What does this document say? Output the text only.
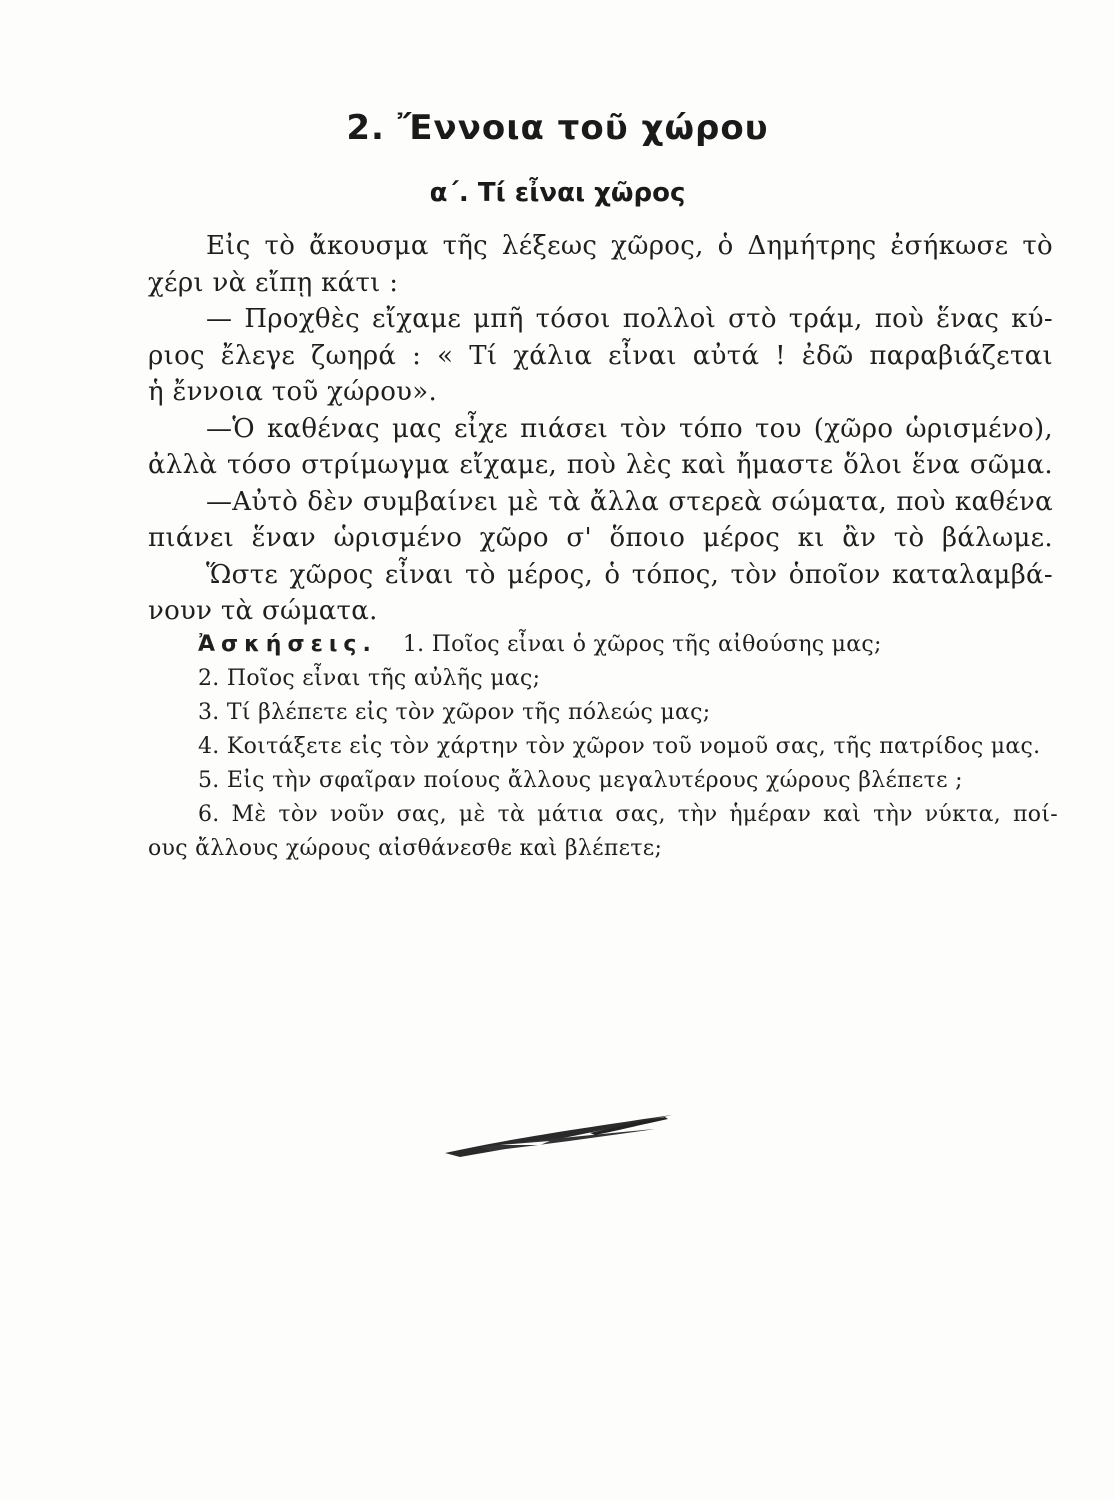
2. Ἔννοια τοῦ χώρου
α΄. Τί εἶναι χῶρος
Εἰς τὸ ἄκουσμα τῆς λέξεως χῶρος, ὁ Δημήτρης ἐσήκωσε τὸ
χέρι νὰ εἴπῃ κάτι :
— Προχθὲς εἴχαμε μπῆ τόσοι πολλοὶ στὸ τράμ, ποὺ ἕνας κύ-
ριος ἔλεγε ζωηρά : « Τί χάλια εἶναι αὐτά ! ἐδῶ παραβιάζεται
ἡ ἔννοια τοῦ χώρου».
—Ὁ καθένας μας εἶχε πιάσει τὸν τόπο του (χῶρο ὡρισμένο),
ἀλλὰ τόσο στρίμωγμα εἴχαμε, ποὺ λὲς καὶ ἤμαστε ὅλοι ἕνα σῶμα.
—Αὐτὸ δὲν συμβαίνει μὲ τὰ ἄλλα στερεὰ σώματα, ποὺ καθένα
πιάνει ἕναν ὡρισμένο χῶρο σ' ὅποιο μέρος κι ἂν τὸ βάλωμε.
Ὥστε χῶρος εἶναι τὸ μέρος, ὁ τόπος, τὸν ὁποῖον καταλαμβά-
νουν τὰ σώματα.
Ἀσκήσεις. 1. Ποῖος εἶναι ὁ χῶρος τῆς αἰθούσης μας;
2. Ποῖος εἶναι τῆς αὐλῆς μας;
3. Τί βλέπετε εἰς τὸν χῶρον τῆς πόλεώς μας;
4. Κοιτάξετε εἰς τὸν χάρτην τὸν χῶρον τοῦ νομοῦ σας, τῆς πατρίδος μας.
5. Εἰς τὴν σφαῖραν ποίους ἄλλους μεγαλυτέρους χώρους βλέπετε ;
6. Μὲ τὸν νοῦν σας, μὲ τὰ μάτια σας, τὴν ἡμέραν καὶ τὴν νύκτα, ποί-
ους ἄλλους χώρους αἰσθάνεσθε καὶ βλέπετε;
